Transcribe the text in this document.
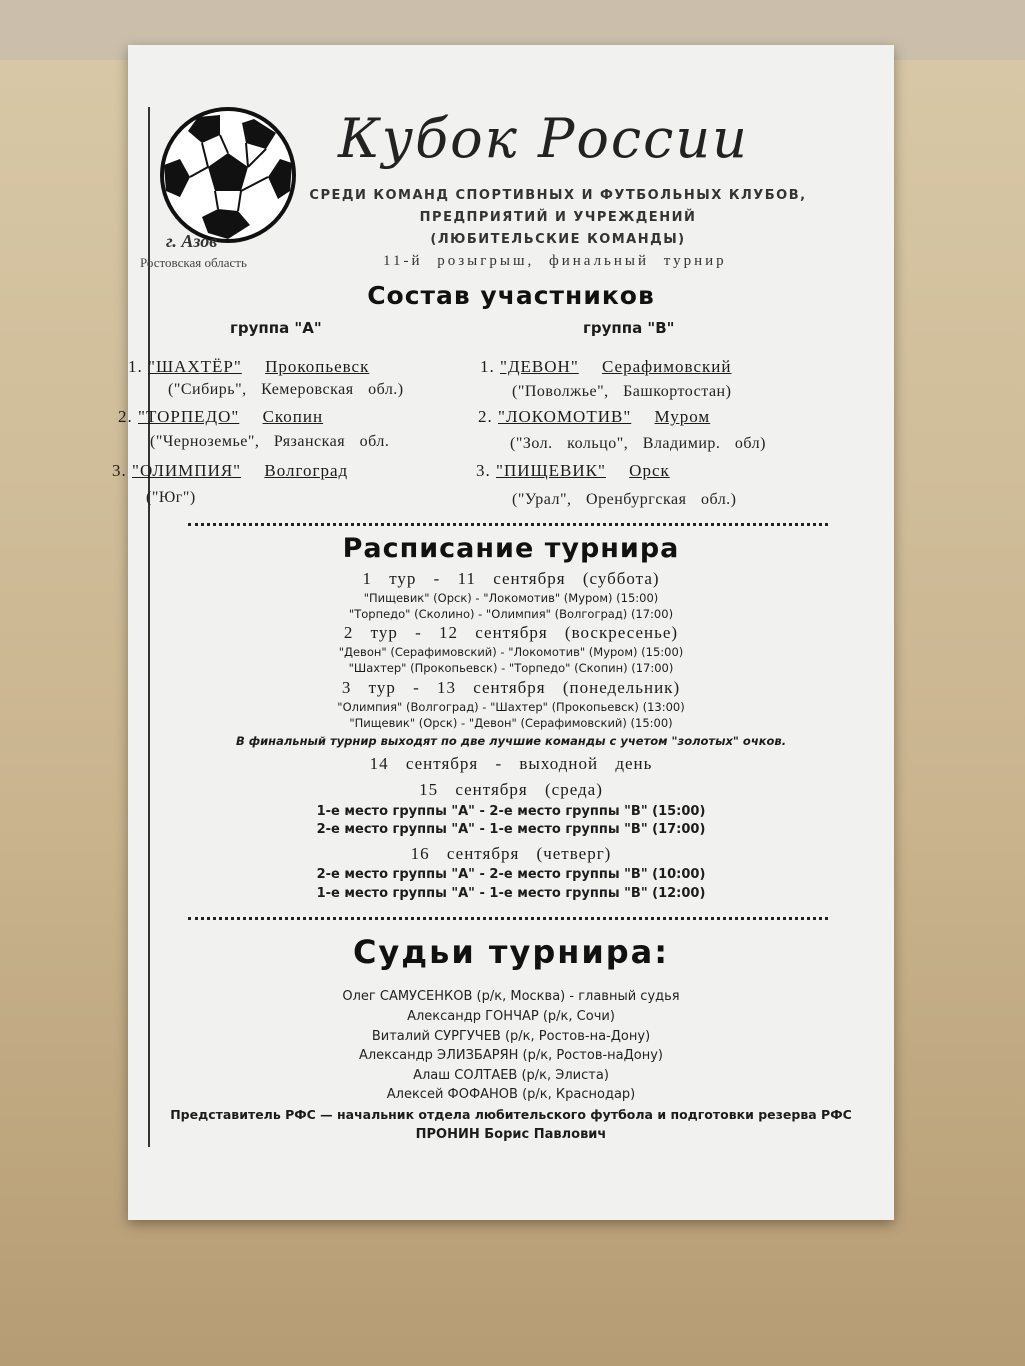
Кубок России
СРЕДИ КОМАНД СПОРТИВНЫХ И ФУТБОЛЬНЫХ КЛУБОВ,
ПРЕДПРИЯТИЙ И УЧРЕЖДЕНИЙ
(ЛЮБИТЕЛЬСКИЕ КОМАНДЫ)
г. Азов
Ростовская область	11-й розыгрыш, финальный турнир
Состав участников
группа "А"	группа "В"
1. "ШАХТЁР" Прокопьевск
("Сибирь", Кемеровская обл.)
2. "ТОРПЕДО" Скопин
("Черноземье", Рязанская обл.
3. "ОЛИМПИЯ" Волгоград
("Юг")
1. "ДЕВОН" Серафимовский
("Поволжье", Башкортостан)
2. "ЛОКОМОТИВ" Муром
("Зол. кольцо", Владимир. обл)
3. "ПИЩЕВИК" Орск
("Урал", Оренбургская обл.)
Расписание турнира
1 тур - 11 сентября (суббота)
"Пищевик" (Орск) - "Локомотив" (Муром) (15:00)
"Торпедо" (Сколино) - "Олимпия" (Волгоград) (17:00)
2 тур - 12 сентября (воскресенье)
"Девон" (Серафимовский) - "Локомотив" (Муром) (15:00)
"Шахтер" (Прокопьевск) - "Торпедо" (Скопин) (17:00)
3 тур - 13 сентября (понедельник)
"Олимпия" (Волгоград) - "Шахтер" (Прокопьевск) (13:00)
"Пищевик" (Орск) - "Девон" (Серафимовский) (15:00)
В финальный турнир выходят по две лучшие команды с учетом "золотых" очков.
14 сентября - выходной день
15 сентября (среда)
1-е место группы "А" - 2-е место группы "В" (15:00)
2-е место группы "А" - 1-е место группы "В" (17:00)
16 сентября (четверг)
2-е место группы "А" - 2-е место группы "В" (10:00)
1-е место группы "А" - 1-е место группы "В" (12:00)
Судьи турнира:
Олег САМУСЕНКОВ (р/к, Москва) - главный судья
Александр ГОНЧАР (р/к, Сочи)
Виталий СУРГУЧЕВ (р/к, Ростов-на-Дону)
Александр ЭЛИЗБАРЯН (р/к, Ростов-наДону)
Алаш СОЛТАЕВ (р/к, Элиста)
Алексей ФОФАНОВ (р/к, Краснодар)
Представитель РФС — начальник отдела любительского футбола и подготовки резерва РФС
ПРОНИН Борис Павлович
